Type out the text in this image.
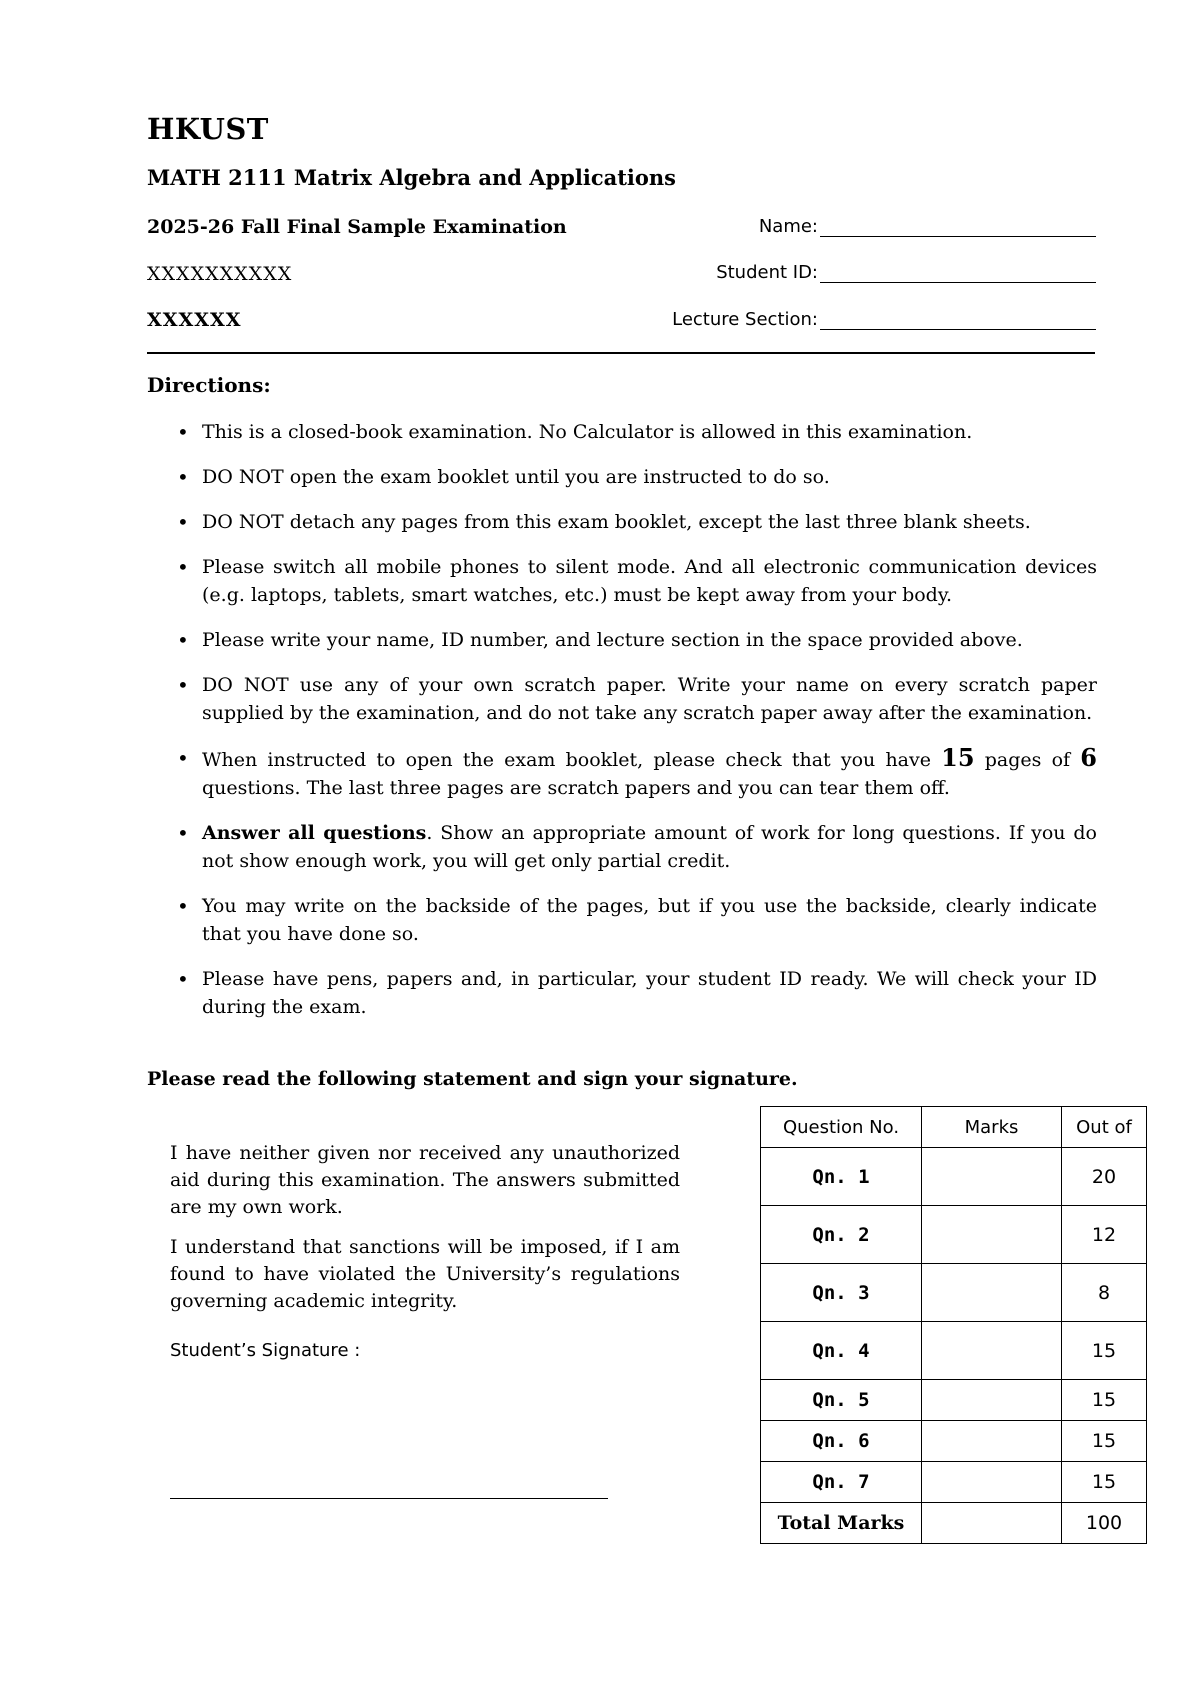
HKUST
MATH 2111 Matrix Algebra and Applications
2025-26 Fall Final Sample Examination
XXXXXXXXXX
XXXXXX
Name:
Student ID:
Lecture Section:
Directions:
• This is a closed-book examination. No Calculator is allowed in this examination.
• DO NOT open the exam booklet until you are instructed to do so.
• DO NOT detach any pages from this exam booklet, except the last three blank sheets.
• Please switch all mobile phones to silent mode. And all electronic communication devices (e.g. laptops, tablets, smart watches, etc.) must be kept away from your body.
• Please write your name, ID number, and lecture section in the space provided above.
• DO NOT use any of your own scratch paper. Write your name on every scratch paper supplied by the examination, and do not take any scratch paper away after the examination.
• When instructed to open the exam booklet, please check that you have 15 pages of 6 questions. The last three pages are scratch papers and you can tear them off.
• Answer all questions. Show an appropriate amount of work for long questions. If you do not show enough work, you will get only partial credit.
• You may write on the backside of the pages, but if you use the backside, clearly indicate that you have done so.
• Please have pens, papers and, in particular, your student ID ready. We will check your ID during the exam.
Please read the following statement and sign your signature.

I have neither given nor received any unauthorized aid during this examination. The answers submitted are my own work.

I understand that sanctions will be imposed, if I am found to have violated the University’s regulations governing academic integrity.

Student’s Signature :
Question No.	Marks	Out of
Qn. 1		20
Qn. 2		12
Qn. 3		8
Qn. 4		15
Qn. 5		15
Qn. 6		15
Qn. 7		15
Total Marks		100
